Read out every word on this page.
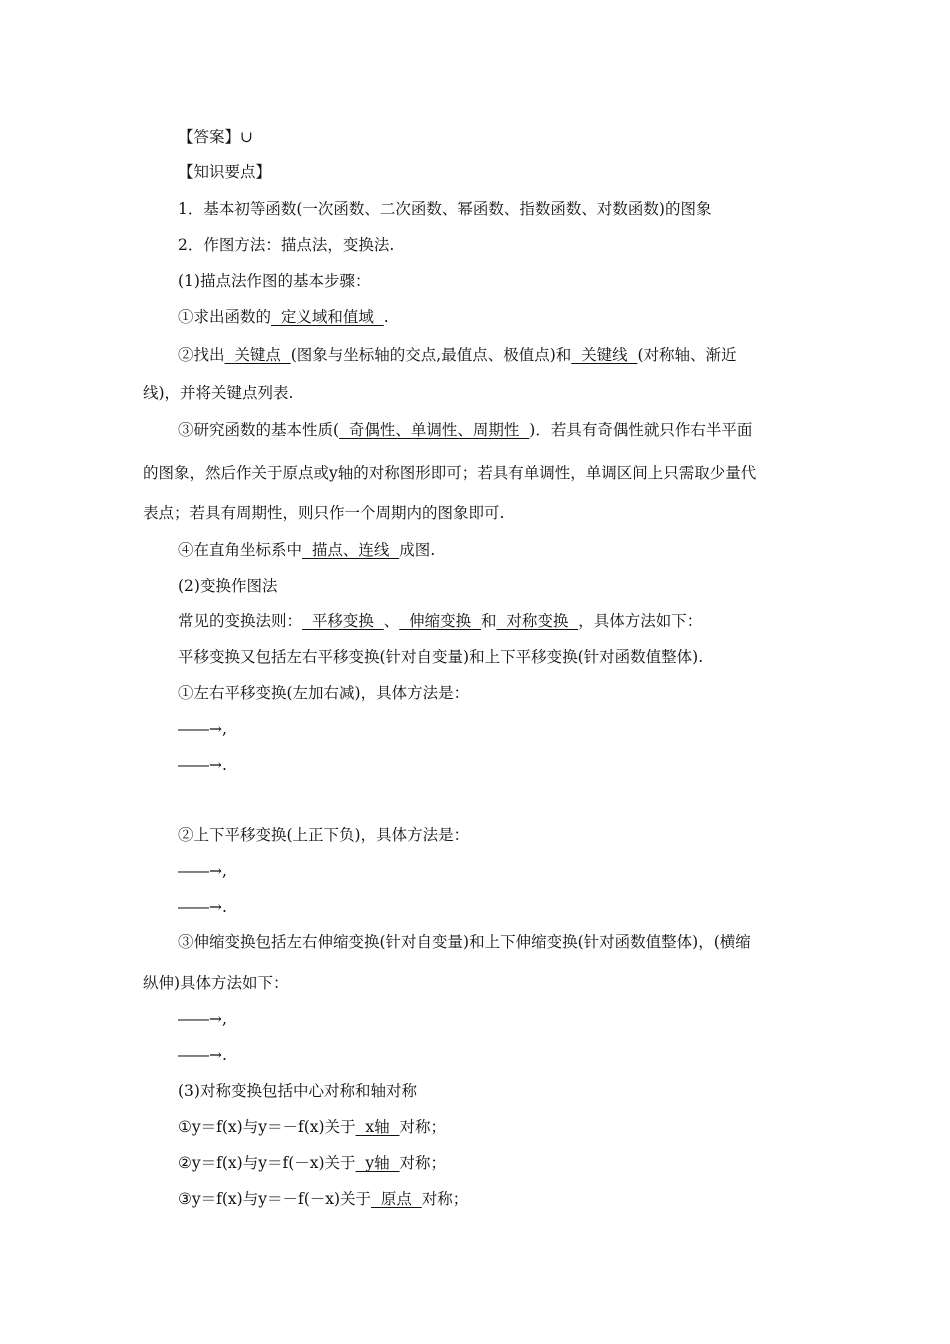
【答案】∪
【知识要点】
1．基本初等函数(一次函数、二次函数、幂函数、指数函数、对数函数)的图象
2．作图方法：描点法，变换法.
(1)描点法作图的基本步骤：
①求出函数的  定义域和值域  .
②找出  关键点  (图象与坐标轴的交点,最值点、极值点)和  关键线  (对称轴、渐近
线)，并将关键点列表.
③研究函数的基本性质(  奇偶性、单调性、周期性  )．若具有奇偶性就只作右半平面
的图象，然后作关于原点或y轴的对称图形即可；若具有单调性，单调区间上只需取少量代
表点；若具有周期性，则只作一个周期内的图象即可.
④在直角坐标系中  描点、连线  成图.
(2)变换作图法
常见的变换法则：  平移变换  、  伸缩变换  和  对称变换  ，具体方法如下：
平移变换又包括左右平移变换(针对自变量)和上下平移变换(针对函数值整体).
①左右平移变换(左加右减)，具体方法是：
――→,
――→.
②上下平移变换(上正下负)，具体方法是：
――→,
――→.
③伸缩变换包括左右伸缩变换(针对自变量)和上下伸缩变换(针对函数值整体)，(横缩
纵伸)具体方法如下：
――→,
――→.
(3)对称变换包括中心对称和轴对称
①y＝f(x)与y＝－f(x)关于  x轴  对称；
②y＝f(x)与y＝f(－x)关于  y轴  对称；
③y＝f(x)与y＝－f(－x)关于  原点  对称；
